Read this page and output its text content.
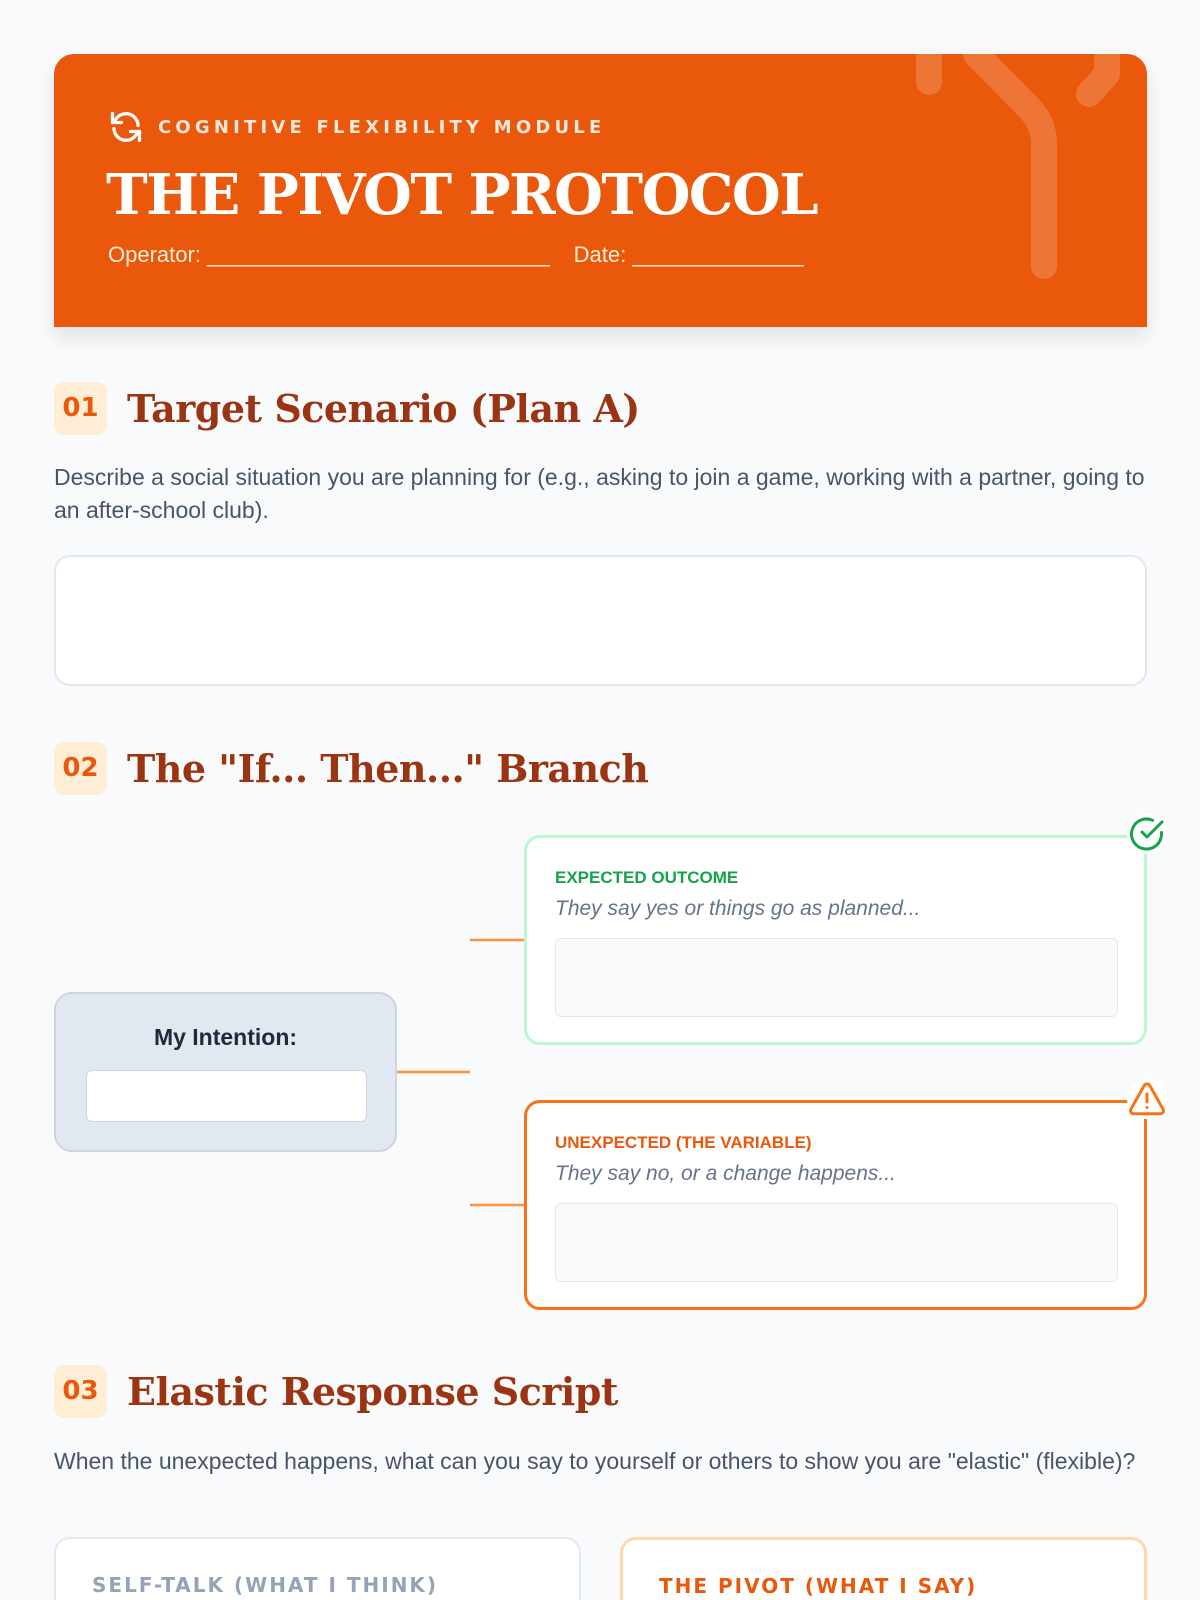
COGNITIVE FLEXIBILITY MODULE
THE PIVOT PROTOCOL
Operator: ____________________________ Date: ______________
01 Target Scenario (Plan A)
Describe a social situation you are planning for (e.g., asking to join a game, working with a partner, going to an after-school club).
02 The "If... Then..." Branch
My Intention:
EXPECTED OUTCOME
They say yes or things go as planned...
UNEXPECTED (THE VARIABLE)
They say no, or a change happens...
03 Elastic Response Script
When the unexpected happens, what can you say to yourself or others to show you are "elastic" (flexible)?
SELF-TALK (WHAT I THINK)	THE PIVOT (WHAT I SAY)
